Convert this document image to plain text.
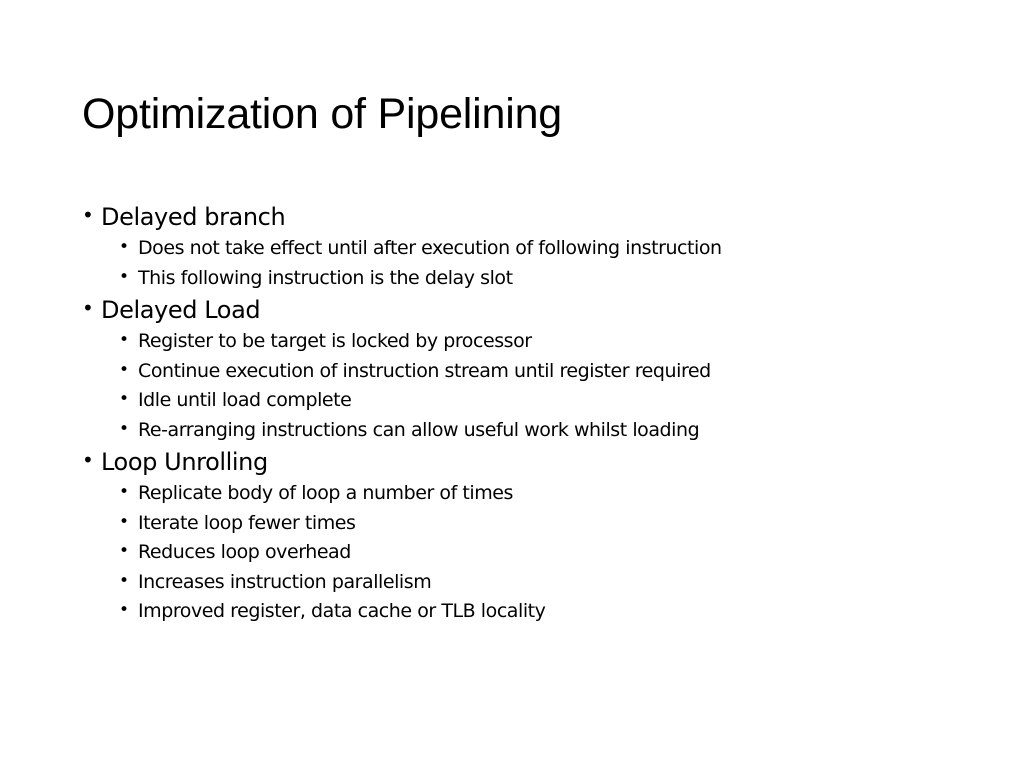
Optimization of Pipelining
• Delayed branch
• Does not take effect until after execution of following instruction
• This following instruction is the delay slot
• Delayed Load
• Register to be target is locked by processor
• Continue execution of instruction stream until register required
• Idle until load complete
• Re-arranging instructions can allow useful work whilst loading
• Loop Unrolling
• Replicate body of loop a number of times
• Iterate loop fewer times
• Reduces loop overhead
• Increases instruction parallelism
• Improved register, data cache or TLB locality
